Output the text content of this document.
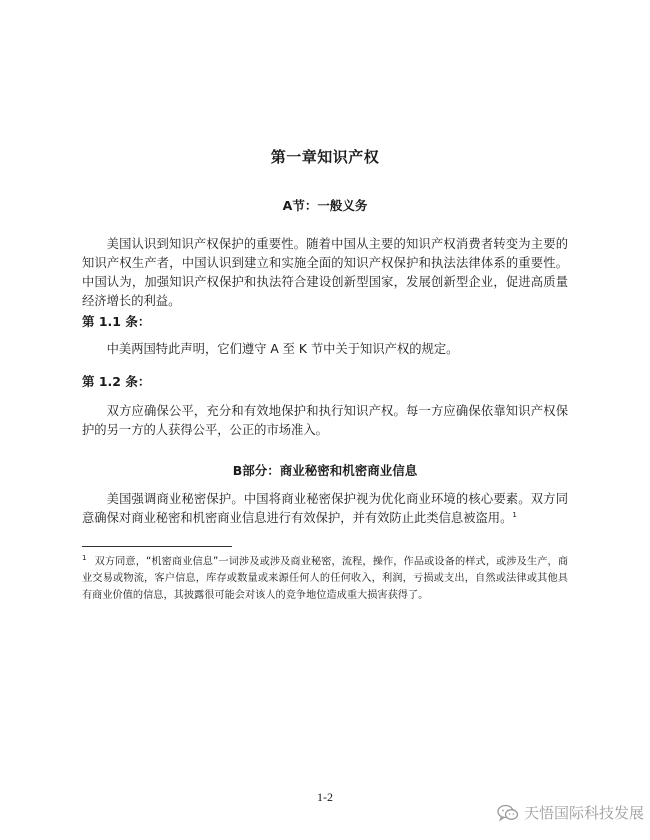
第一章知识产权
A节：一般义务

美国认识到知识产权保护的重要性。随着中国从主要的知识产权消费者转变为主要的知识产权生产者，中国认识到建立和实施全面的知识产权保护和执法法律体系的重要性。中国认为，加强知识产权保护和执法符合建设创新型国家，发展创新型企业，促进高质量经济增长的利益。

第 1.1 条：

中美两国特此声明，它们遵守 A 至 K 节中关于知识产权的规定。

第 1.2 条：

双方应确保公平，充分和有效地保护和执行知识产权。每一方应确保依靠知识产权保护的另一方的人获得公平，公正的市场准入。

B部分：商业秘密和机密商业信息

美国强调商业秘密保护。中国将商业秘密保护视为优化商业环境的核心要素。双方同意确保对商业秘密和机密商业信息进行有效保护，并有效防止此类信息被盗用。$^1$

$^1$ 双方同意，“机密商业信息”一词涉及或涉及商业秘密，流程，操作，作品或设备的样式，或涉及生产，商业交易或物流，客户信息，库存或数量或来源任何人的任何收入，利润，亏损或支出，自然或法律或其他具有商业价值的信息，其披露很可能会对该人的竞争地位造成重大损害获得了。

1-2
天悟国际科技发展
